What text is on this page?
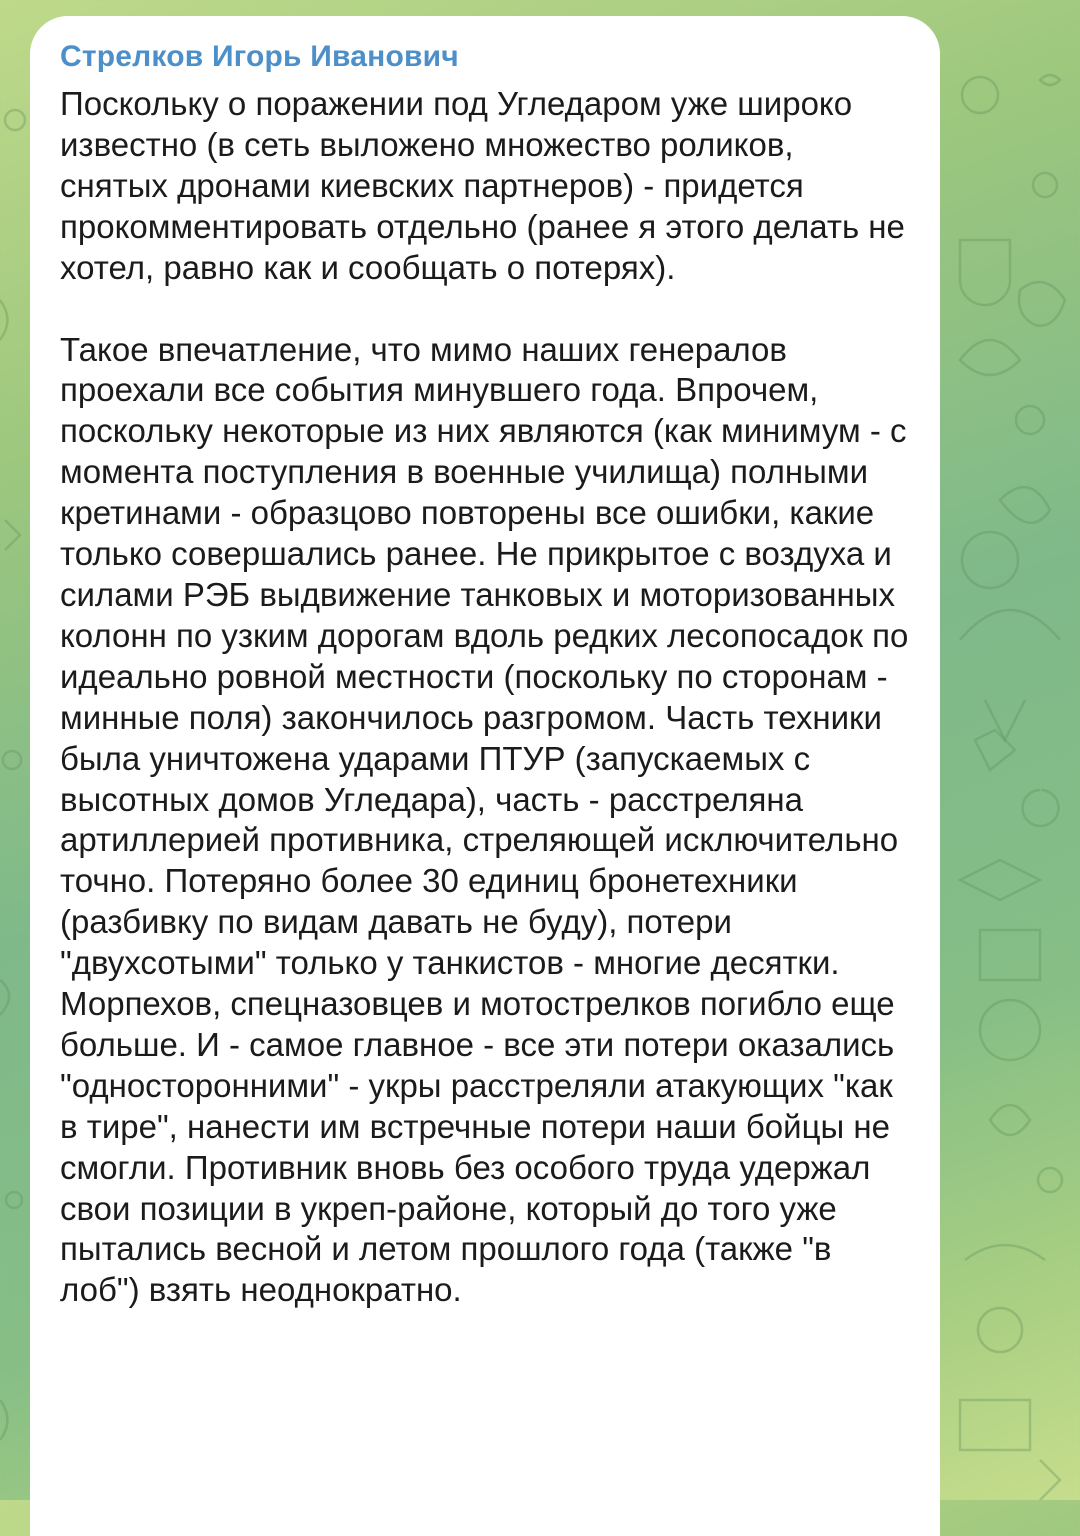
Стрелков Игорь Иванович

Поскольку о поражении под Угледаром уже широко известно (в сеть выложено множество роликов, снятых дронами киевских партнеров) - придется прокомментировать отдельно (ранее я этого делать не хотел, равно как и сообщать о потерях).

Такое впечатление, что мимо наших генералов проехали все события минувшего года. Впрочем, поскольку некоторые из них являются (как минимум - с момента поступления в военные училища) полными кретинами - образцово повторены все ошибки, какие только совершались ранее. Не прикрытое с воздуха и силами РЭБ выдвижение танковых и моторизованных колонн по узким дорогам вдоль редких лесопосадок по идеально ровной местности (поскольку по сторонам - минные поля) закончилось разгромом. Часть техники была уничтожена ударами ПТУР (запускаемых с высотных домов Угледара), часть - расстреляна артиллерией противника, стреляющей исключительно точно. Потеряно более 30 единиц бронетехники (разбивку по видам давать не буду), потери "двухсотыми" только у танкистов - многие десятки. Морпехов, спецназовцев и мотострелков погибло еще больше. И - самое главное - все эти потери оказались "односторонними" - укры расстреляли атакующих "как в тире", нанести им встречные потери наши бойцы не смогли. Противник вновь без особого труда удержал свои позиции в укреп-районе, который до того уже пытались весной и летом прошлого года (также "в лоб") взять неоднократно.
